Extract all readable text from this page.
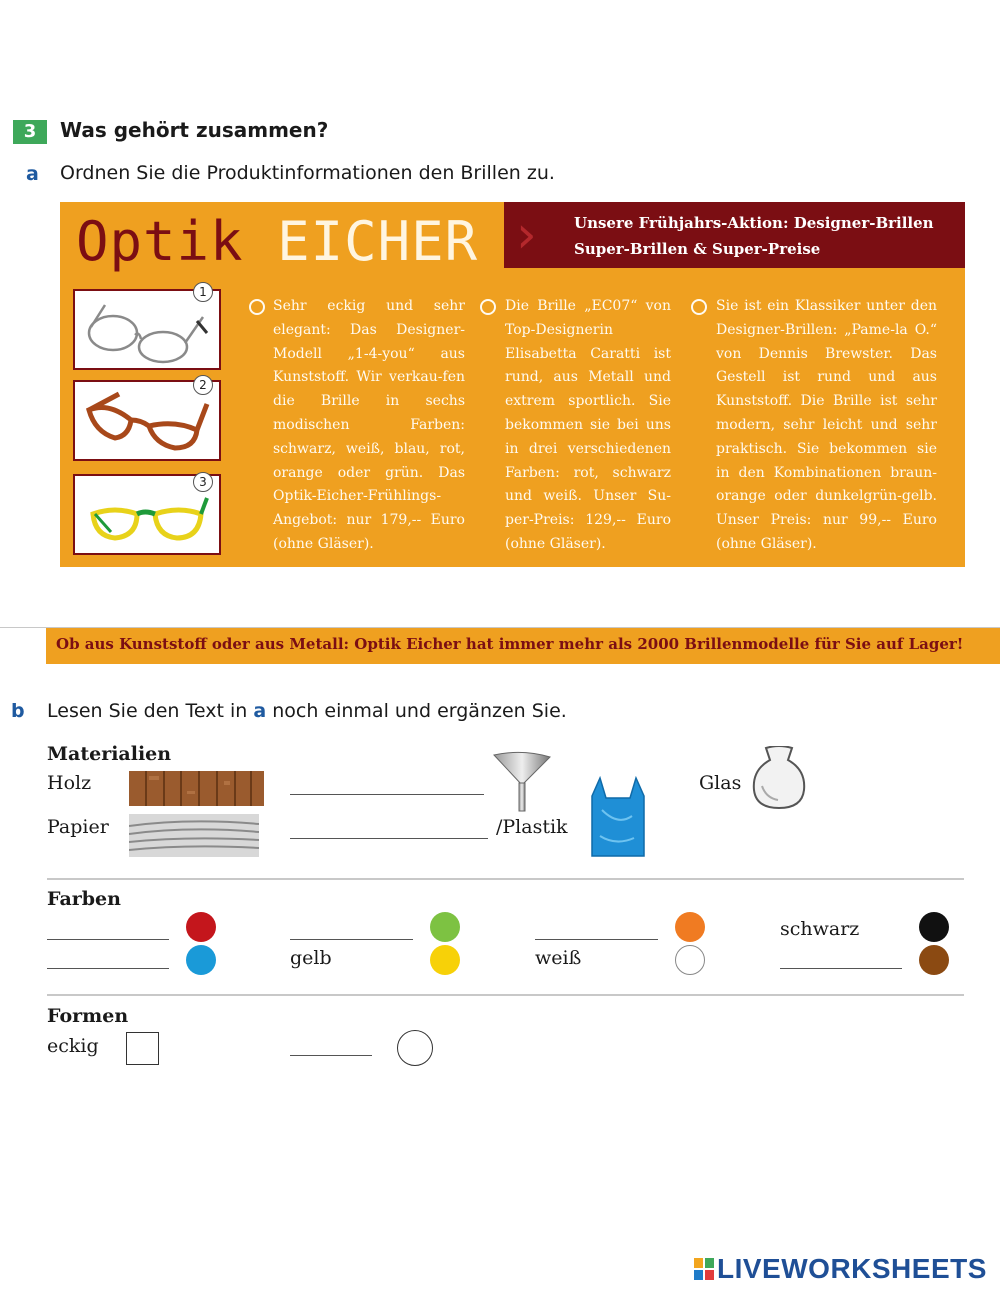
3	Was gehört zusammen?
a Ordnen Sie die Produktinformationen den Brillen zu.
Optik EICHER › Unsere Frühjahrs-Aktion: Designer-Brillen
Super-Brillen & Super-Preise
1
2
3
Sehr eckig und sehr elegant: Das Designer-Modell „1-4-you“ aus Kunststoff. Wir verkau-fen die Brille in sechs modischen Farben: schwarz, weiß, blau, rot, orange oder grün. Das Optik-Eicher-Frühlings-Angebot: nur 179,-- Euro (ohne Gläser).
Die Brille „EC07“ von Top-Designerin Elisabetta Caratti ist rund, aus Metall und extrem sportlich. Sie bekommen sie bei uns in drei verschiedenen Farben: rot, schwarz und weiß. Unser Su-per-Preis: 129,-- Euro (ohne Gläser).
Sie ist ein Klassiker unter den Designer-Brillen: „Pame-la O.“ von Dennis Brewster. Das Gestell ist rund und aus Kunststoff. Die Brille ist sehr modern, sehr leicht und sehr praktisch. Sie bekommen sie in den Kombinationen braun-orange oder dunkelgrün-gelb. Unser Preis: nur 99,-- Euro (ohne Gläser).
Ob aus Kunststoff oder aus Metall: Optik Eicher hat immer mehr als 2000 Brillenmodelle für Sie auf Lager!
b Lesen Sie den Text in a noch einmal und ergänzen Sie.
Materialien
Holz	Glas
Papier	/Plastik
Farben
schwarz
gelb	weiß
Formen
eckig
LIVEWORKSHEETS
